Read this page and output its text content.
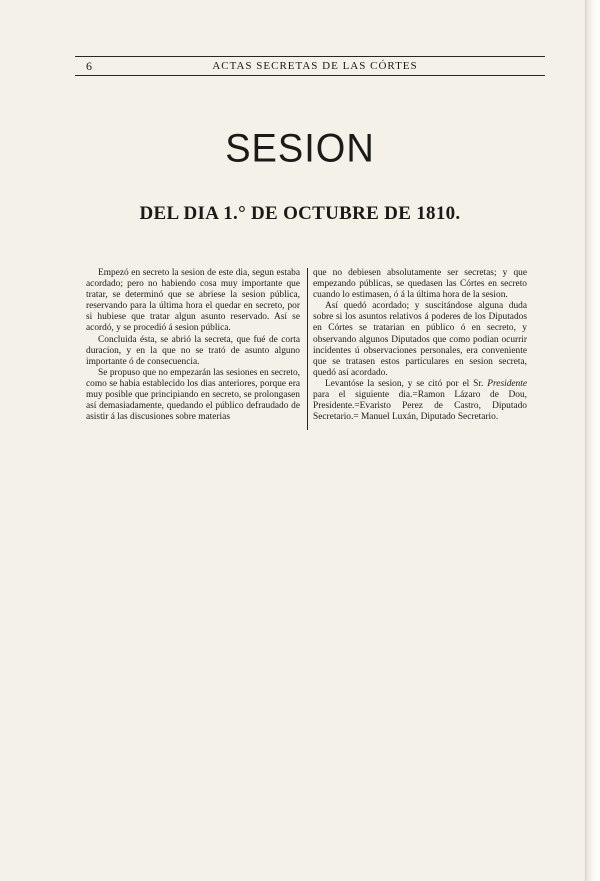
6	ACTAS SECRETAS DE LAS CÓRTES
SESION
DEL DIA 1.° DE OCTUBRE DE 1810.

Empezó en secreto la sesion de este dia, segun estaba acordado; pero no habiendo cosa muy importante que tratar, se determinó que se abriese la sesion pública, reservando para la última hora el quedar en secreto, por si hubiese que tratar algun asunto reservado. Así se acordó, y se procedió á sesion pública.

Concluida ésta, se abrió la secreta, que fué de corta duracion, y en la que no se trató de asunto alguno importante ó de consecuencia.

Se propuso que no empezarán las sesiones en secreto, como se habia establecido los dias anteriores, porque era muy posible que principiando en secreto, se prolongasen así demasiadamente, quedando el público defraudado de asistir á las discusiones sobre materias

que no debiesen absolutamente ser secretas; y que empezando públicas, se quedasen las Córtes en secreto cuando lo estimasen, ó á la última hora de la sesion.

Así quedó acordado; y suscitándose alguna duda sobre si los asuntos relativos á poderes de los Diputados en Córtes se tratarian en público ó en secreto, y observando algunos Diputados que como podian ocurrir incidentes ú observaciones personales, era conveniente que se tratasen estos particulares en sesion secreta, quedó así acordado.

Levantóse la sesion, y se citó por el Sr. Presidente para el siguiente dia.=Ramon Lázaro de Dou, Presidente.=Evaristo Perez de Castro, Diputado Secretario.= Manuel Luxán, Diputado Secretario.
